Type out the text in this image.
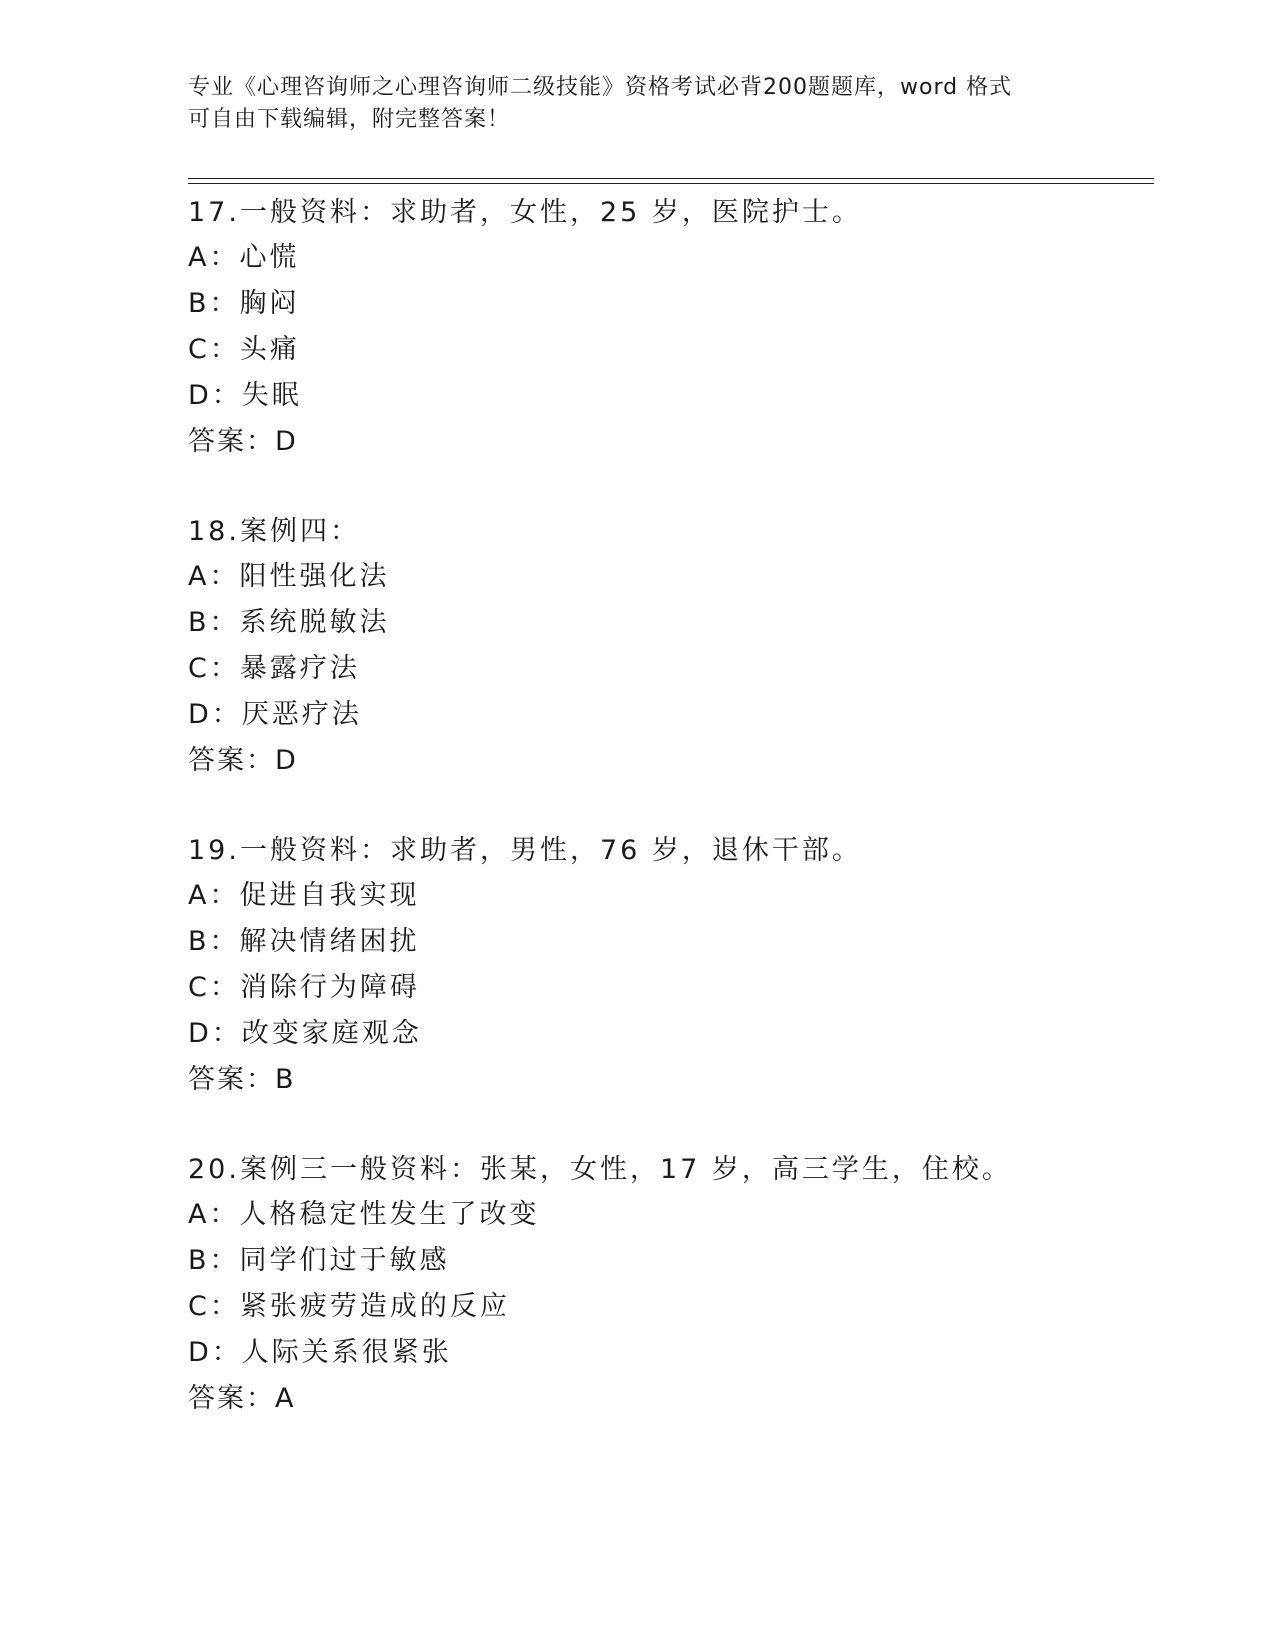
专业《心理咨询师之心理咨询师二级技能》资格考试必背200题题库，word 格式
可自由下载编辑，附完整答案！
17.一般资料：求助者，女性，25 岁，医院护士。
A：心慌
B：胸闷
C：头痛
D：失眠
答案：D
18.案例四：
A：阳性强化法
B：系统脱敏法
C：暴露疗法
D：厌恶疗法
答案：D
19.一般资料：求助者，男性，76 岁，退休干部。
A：促进自我实现
B：解决情绪困扰
C：消除行为障碍
D：改变家庭观念
答案：B
20.案例三一般资料：张某，女性，17 岁，高三学生，住校。
A：人格稳定性发生了改变
B：同学们过于敏感
C：紧张疲劳造成的反应
D：人际关系很紧张
答案：A
